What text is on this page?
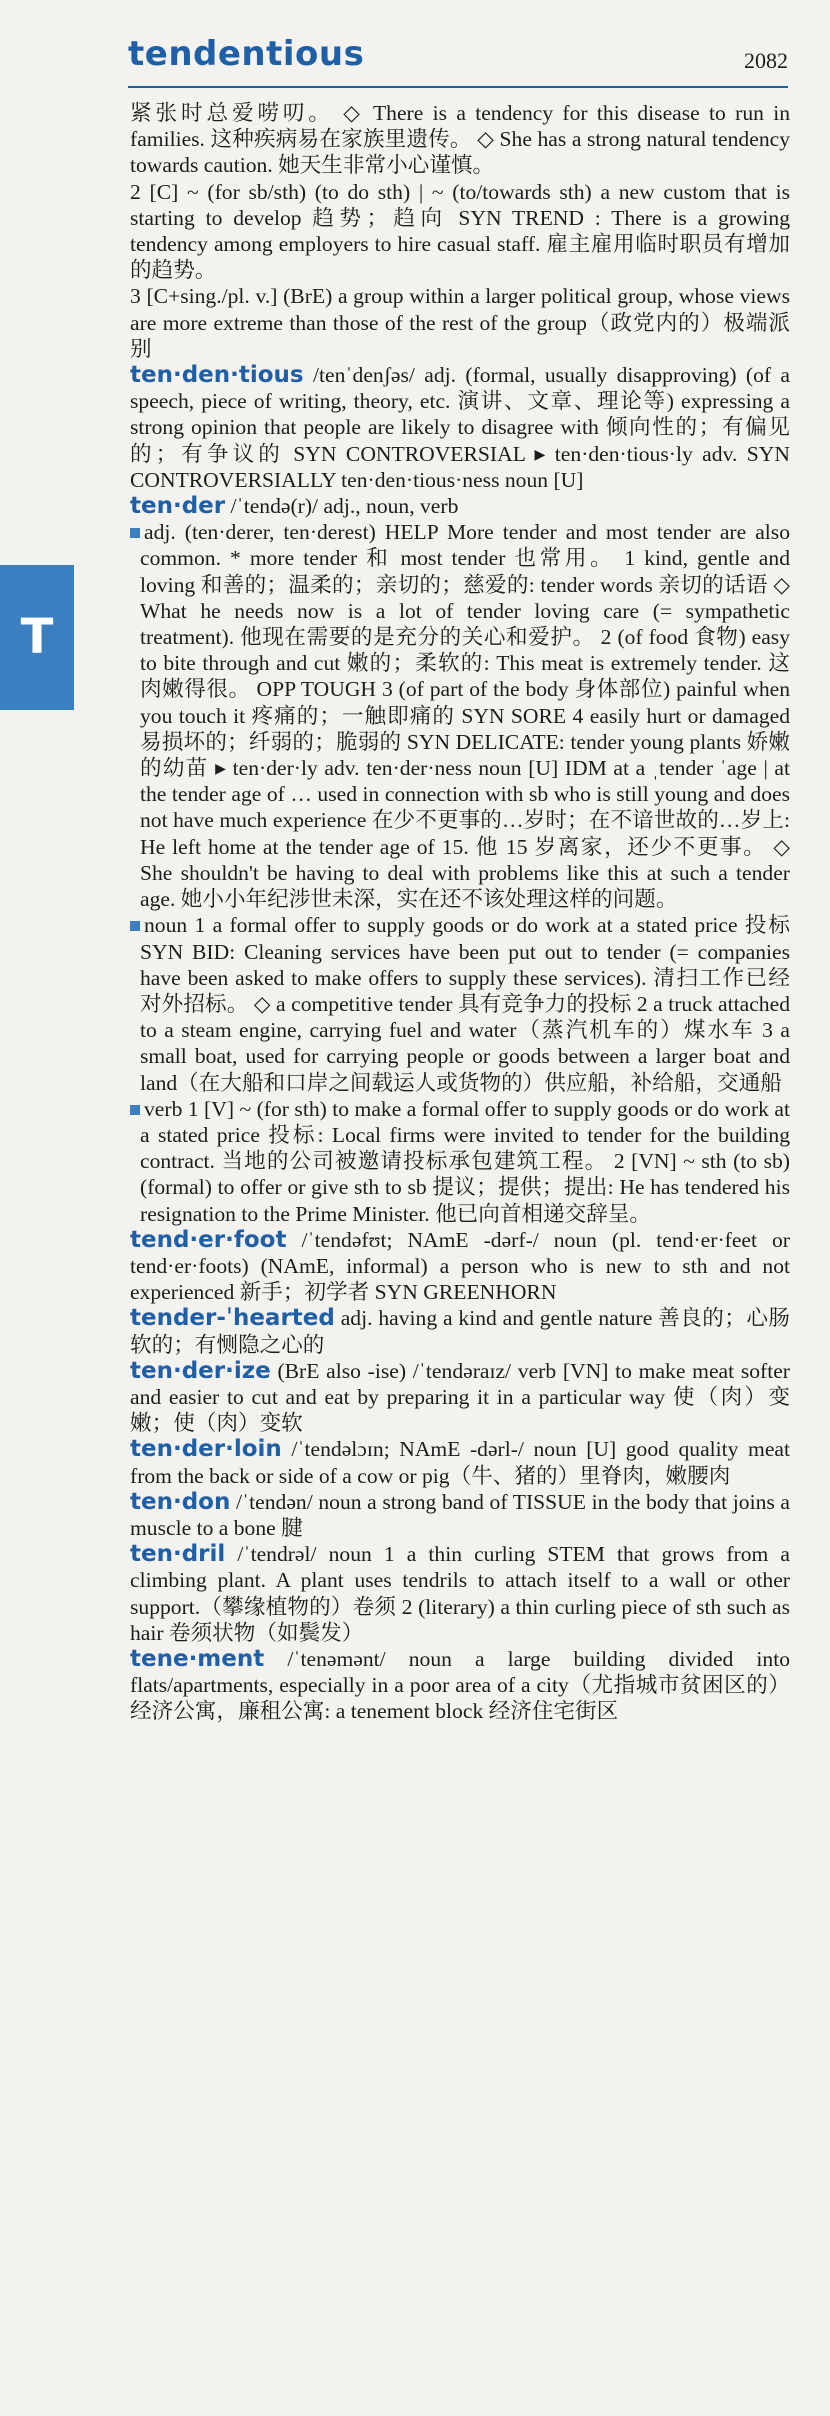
tendentious	2082
T

紧张时总爱唠叨。 ◇ There is a tendency for this disease to run in families. 这种疾病易在家族里遗传。 ◇ She has a strong natural tendency towards caution. 她天生非常小心谨慎。

2 [C] ~ (for sb/sth) (to do sth) | ~ (to/towards sth) a new custom that is starting to develop 趋势；趋向 SYN TREND : There is a growing tendency among employers to hire casual staff. 雇主雇用临时职员有增加的趋势。

3 [C+sing./pl. v.] (BrE) a group within a larger political group, whose views are more extreme than those of the rest of the group（政党内的）极端派别

ten·den·tious /tenˈdenʃəs/ adj. (formal, usually disapproving) (of a speech, piece of writing, theory, etc. 演讲、文章、理论等) expressing a strong opinion that people are likely to disagree with 倾向性的；有偏见的；有争议的 SYN CONTROVERSIAL ▸ ten·den·tious·ly adv. SYN CONTROVERSIALLY ten·den·tious·ness noun [U]

ten·der /ˈtendə(r)/ adj., noun, verb

adj. (ten·derer, ten·derest) HELP More tender and most tender are also common. * more tender 和 most tender 也常用。 1 kind, gentle and loving 和善的；温柔的；亲切的；慈爱的: tender words 亲切的话语 ◇ What he needs now is a lot of tender loving care (= sympathetic treatment). 他现在需要的是充分的关心和爱护。 2 (of food 食物) easy to bite through and cut 嫩的；柔软的: This meat is extremely tender. 这肉嫩得很。 OPP TOUGH 3 (of part of the body 身体部位) painful when you touch it 疼痛的；一触即痛的 SYN SORE 4 easily hurt or damaged 易损坏的；纤弱的；脆弱的 SYN DELICATE: tender young plants 娇嫩的幼苗 ▸ ten·der·ly adv. ten·der·ness noun [U] IDM at a ˌtender ˈage | at the tender age of … used in connection with sb who is still young and does not have much experience 在少不更事的…岁时；在不谙世故的…岁上: He left home at the tender age of 15. 他 15 岁离家，还少不更事。 ◇ She shouldn't be having to deal with problems like this at such a tender age. 她小小年纪涉世未深，实在还不该处理这样的问题。

noun 1 a formal offer to supply goods or do work at a stated price 投标 SYN BID: Cleaning services have been put out to tender (= companies have been asked to make offers to supply these services). 清扫工作已经对外招标。 ◇ a competitive tender 具有竞争力的投标 2 a truck attached to a steam engine, carrying fuel and water（蒸汽机车的）煤水车 3 a small boat, used for carrying people or goods between a larger boat and land（在大船和口岸之间载运人或货物的）供应船，补给船，交通船

verb 1 [V] ~ (for sth) to make a formal offer to supply goods or do work at a stated price 投标: Local firms were invited to tender for the building contract. 当地的公司被邀请投标承包建筑工程。 2 [VN] ~ sth (to sb) (formal) to offer or give sth to sb 提议；提供；提出: He has tendered his resignation to the Prime Minister. 他已向首相递交辞呈。

tend·er·foot /ˈtendəfʊt; NAmE -dərf-/ noun (pl. tend·er·feet or tend·er·foots) (NAmE, informal) a person who is new to sth and not experienced 新手；初学者 SYN GREENHORN

tender-ˈhearted adj. having a kind and gentle nature 善良的；心肠软的；有恻隐之心的

ten·der·ize (BrE also -ise) /ˈtendəraɪz/ verb [VN] to make meat softer and easier to cut and eat by preparing it in a particular way 使（肉）变嫩；使（肉）变软

ten·der·loin /ˈtendəlɔɪn; NAmE -dərl-/ noun [U] good quality meat from the back or side of a cow or pig（牛、猪的）里脊肉，嫩腰肉

ten·don /ˈtendən/ noun a strong band of TISSUE in the body that joins a muscle to a bone 腱

ten·dril /ˈtendrəl/ noun 1 a thin curling STEM that grows from a climbing plant. A plant uses tendrils to attach itself to a wall or other support.（攀缘植物的）卷须 2 (literary) a thin curling piece of sth such as hair 卷须状物（如鬓发）

tene·ment /ˈtenəmənt/ noun a large building divided into flats/apartments, especially in a poor area of a city（尤指城市贫困区的）经济公寓，廉租公寓: a tenement block 经济住宅街区
